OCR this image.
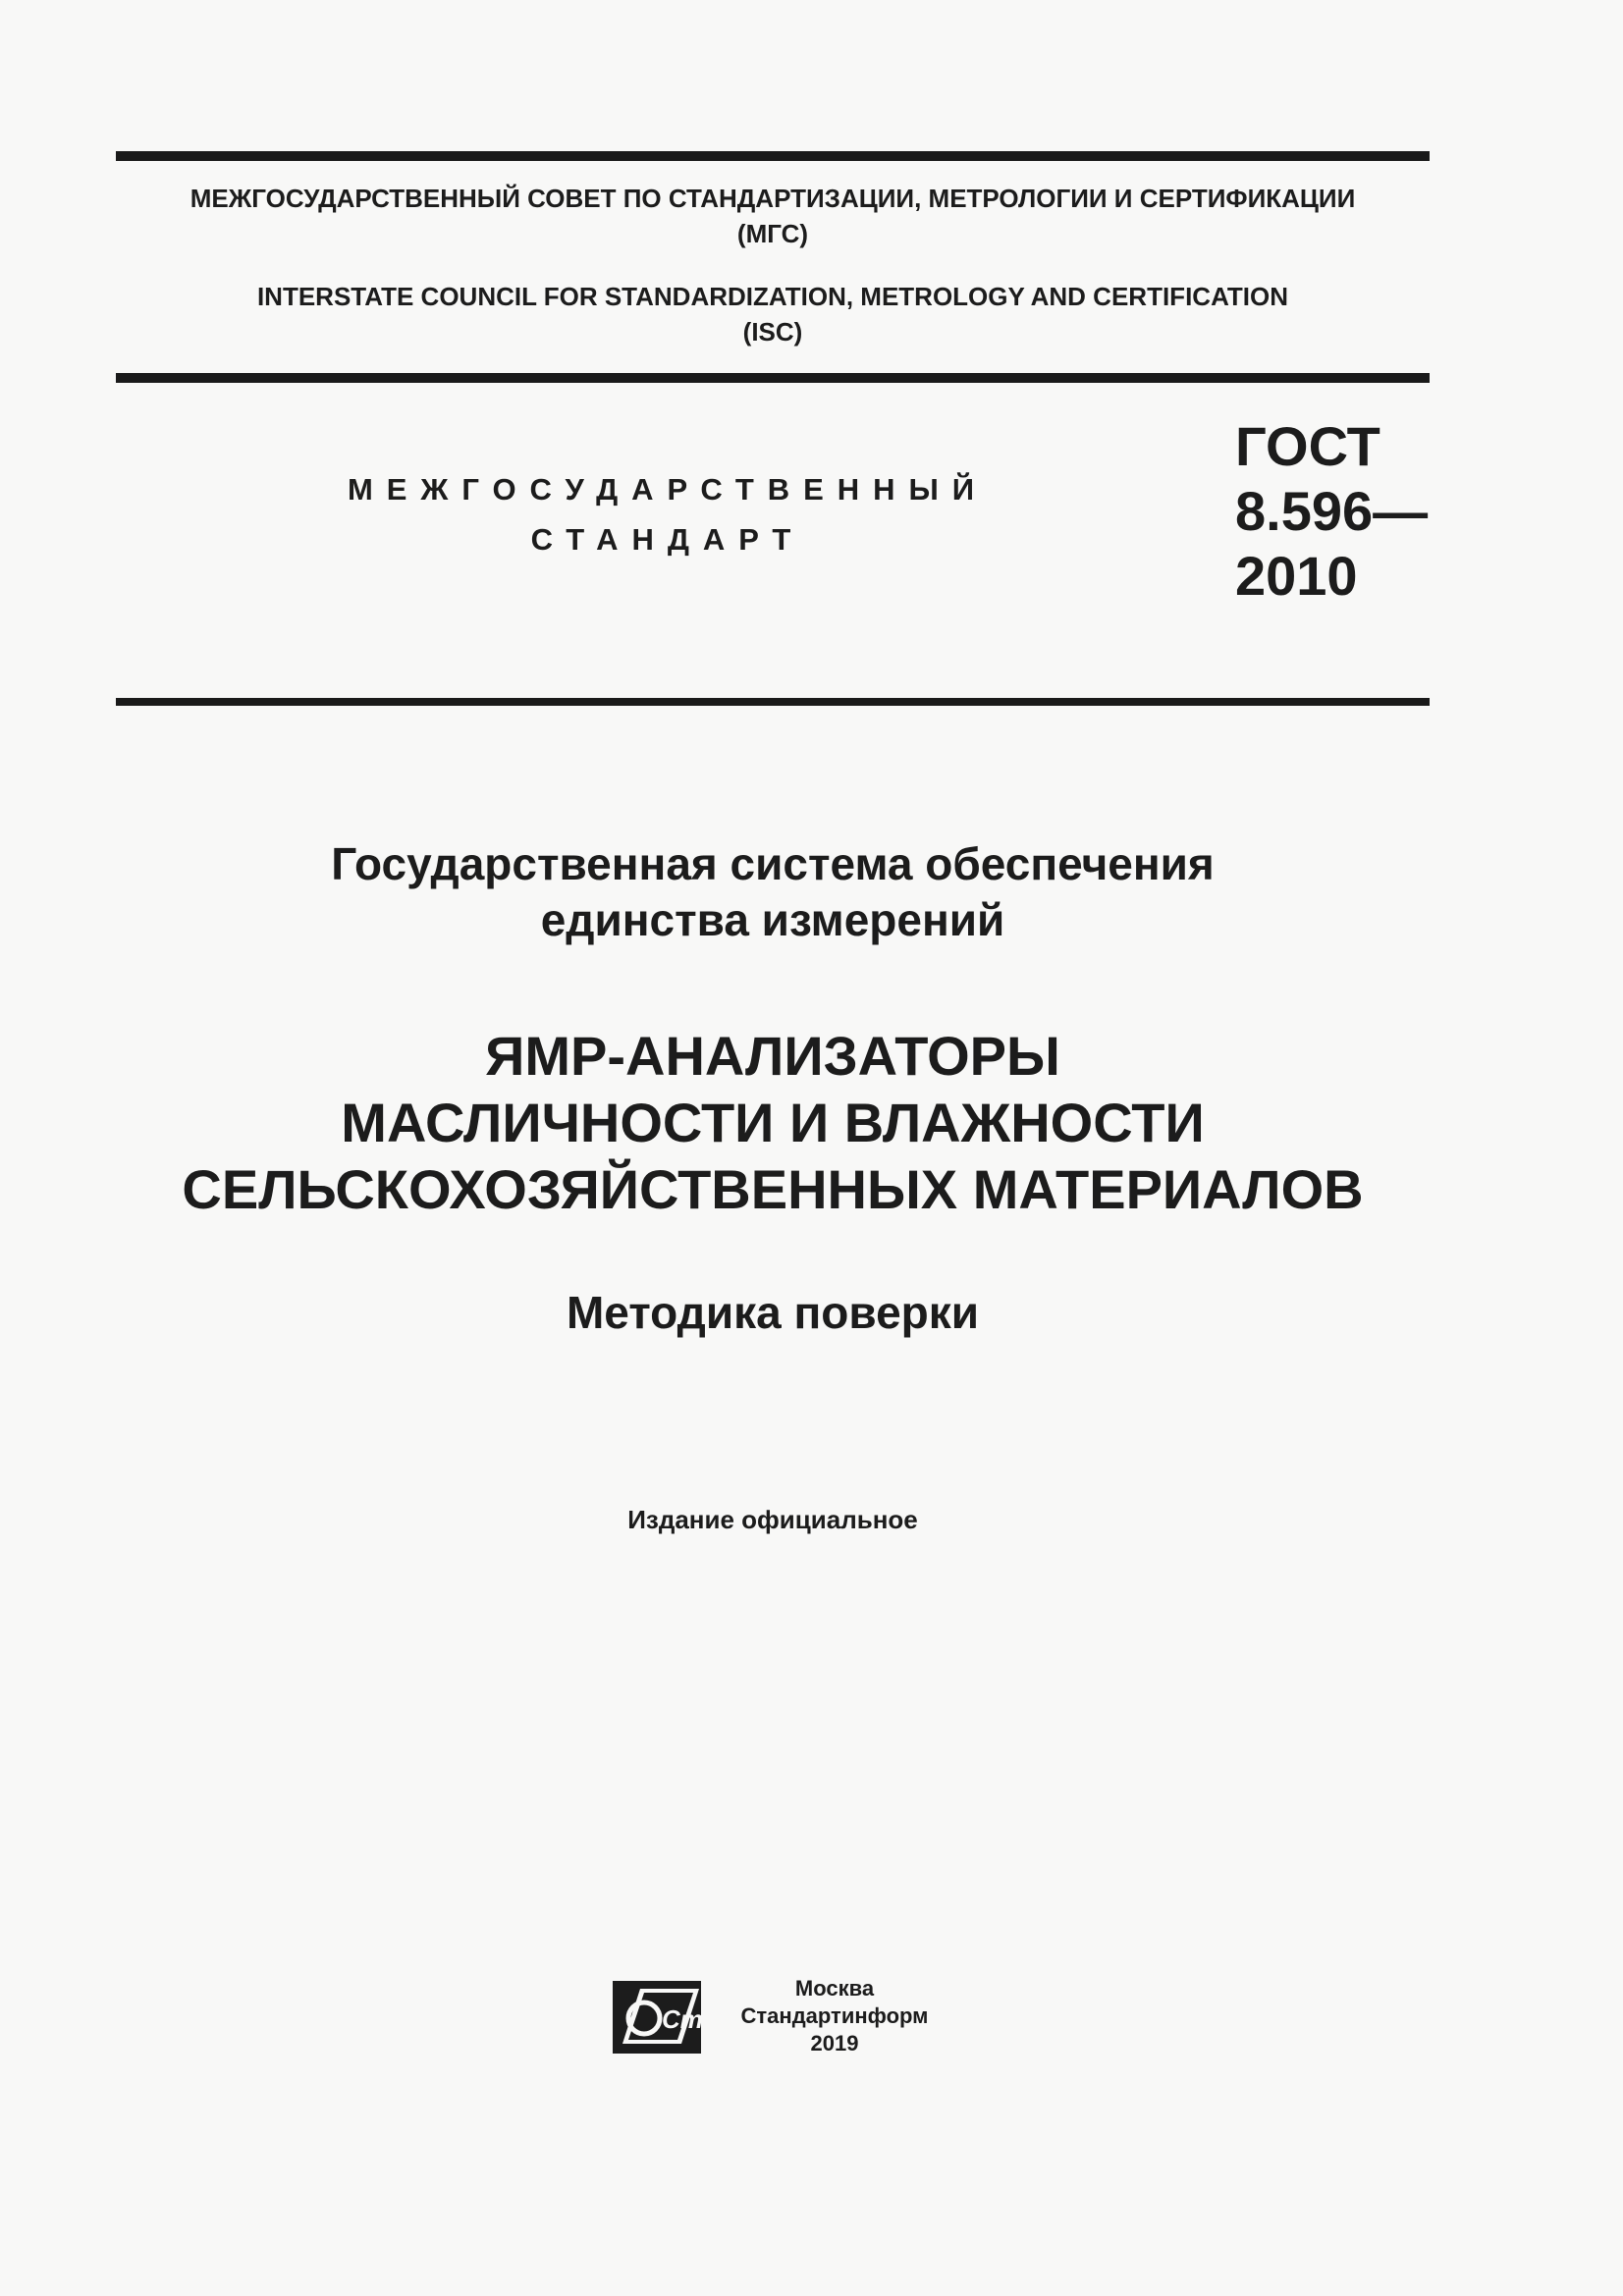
МЕЖГОСУДАРСТВЕННЫЙ СОВЕТ ПО СТАНДАРТИЗАЦИИ, МЕТРОЛОГИИ И СЕРТИФИКАЦИИ
(МГС)
INTERSTATE COUNCIL FOR STANDARDIZATION, METROLOGY AND CERTIFICATION
(ISC)
МЕЖГОСУДАРСТВЕННЫЙ
СТАНДАРТ
ГОСТ
8.596—
2010
Государственная система обеспечения
единства измерений
ЯМР-АНАЛИЗАТОРЫ
МАСЛИЧНОСТИ И ВЛАЖНОСТИ
СЕЛЬСКОХОЗЯЙСТВЕННЫХ МАТЕРИАЛОВ
Методика поверки
Издание официальное
СтИ
Москва
Стандартинформ
2019
